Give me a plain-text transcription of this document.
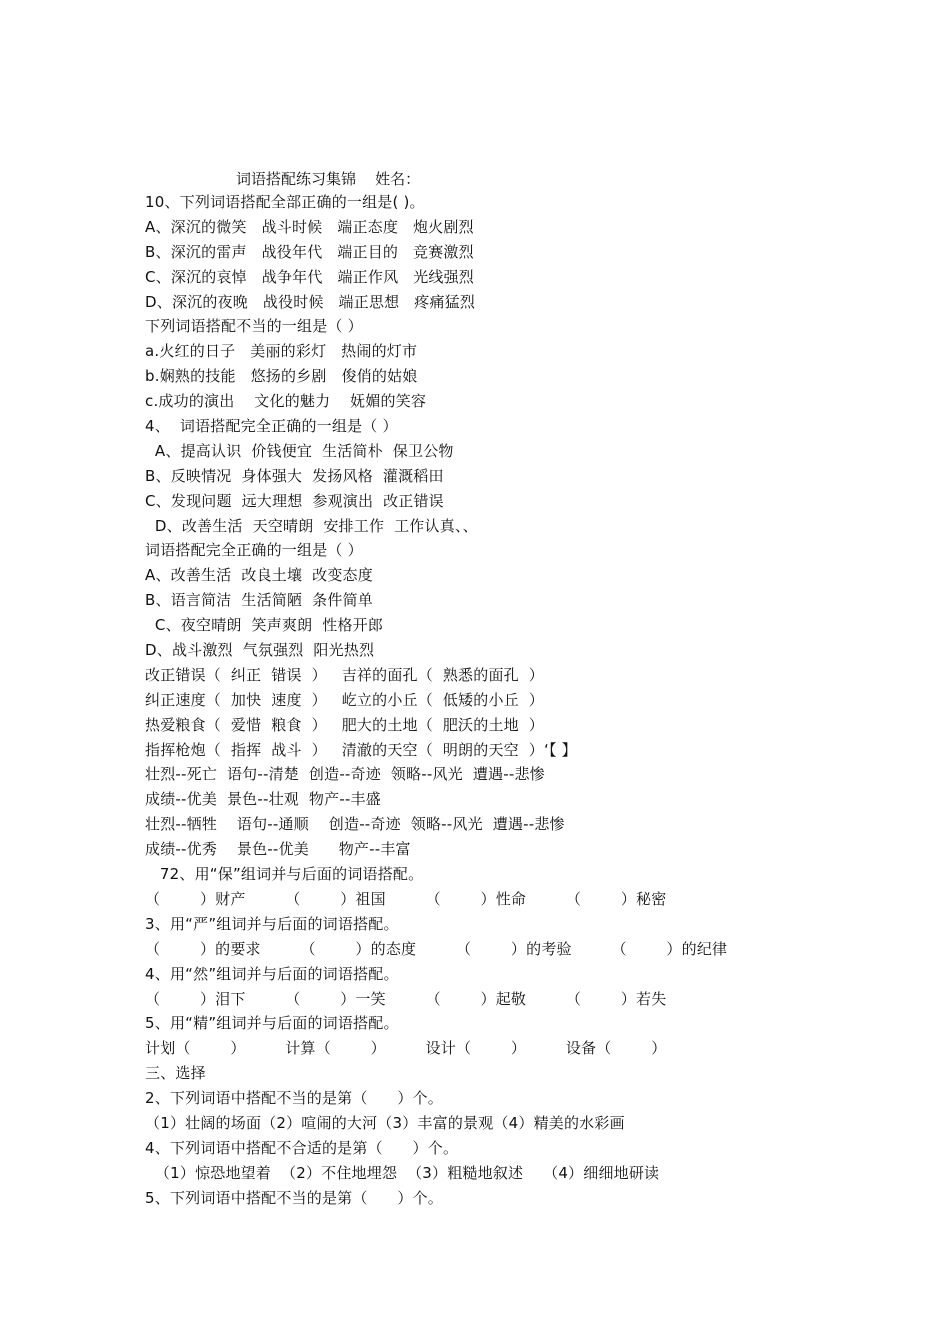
词语搭配练习集锦    姓名：
10、下列词语搭配全部正确的一组是( )。
A、深沉的微笑   战斗时候   端正态度   炮火剧烈
B、深沉的雷声   战役年代   端正目的   竞赛激烈
C、深沉的哀悼   战争年代   端正作风   光线强烈
D、深沉的夜晚   战役时候   端正思想   疼痛猛烈
下列词语搭配不当的一组是（ ）
a.火红的日子   美丽的彩灯   热闹的灯市
b.娴熟的技能   悠扬的乡剧   俊俏的姑娘
c.成功的演出    文化的魅力    妩媚的笑容
4、  词语搭配完全正确的一组是（ ）
A、提高认识  价钱便宜  生活简朴  保卫公物
B、反映情况  身体强大  发扬风格  灌溉稻田
C、发现问题  远大理想  参观演出  改正错误
D、改善生活  天空晴朗  安排工作  工作认真、、
词语搭配完全正确的一组是（ ）
A、改善生活  改良土壤  改变态度
B、语言简洁  生活简陋  条件简单
C、夜空晴朗  笑声爽朗  性格开郎
D、战斗激烈  气氛强烈  阳光热烈
改正错误（  纠正  错误  ）   吉祥的面孔（  熟悉的面孔  ）
纠正速度（  加快  速度  ）   屹立的小丘（  低矮的小丘  ）
热爱粮食（  爱惜  粮食  ）   肥大的土地（  肥沃的土地  ）
指挥枪炮（  指挥  战斗  ）   清澈的天空（  明朗的天空  ）‘【 】
壮烈--死亡  语句--清楚  创造--奇迹  领略--风光  遭遇--悲惨
成绩--优美  景色--壮观  物产--丰盛
壮烈--牺牲    语句--通顺    创造--奇迹  领略--风光  遭遇--悲惨
成绩--优秀    景色--优美      物产--丰富
72、用“保”组词并与后面的词语搭配。
（        ）财产        （        ）祖国        （        ）性命        （        ）秘密
3、用“严”组词并与后面的词语搭配。
（        ）的要求        （        ）的态度        （        ）的考验        （        ）的纪律
4、用“然”组词并与后面的词语搭配。
（        ）泪下        （        ）一笑        （        ）起敬        （        ）若失
5、用“精”组词并与后面的词语搭配。
计划（        ）        计算（        ）        设计（        ）        设备（        ）
三、选择
2、下列词语中搭配不当的是第（      ）个。
（1）壮阔的场面（2）喧闹的大河（3）丰富的景观（4）精美的水彩画
4、下列词语中搭配不合适的是第（      ）个。
（1）惊恐地望着  （2）不住地埋怨  （3）粗糙地叙述    （4）细细地研读
5、下列词语中搭配不当的是第（      ）个。
